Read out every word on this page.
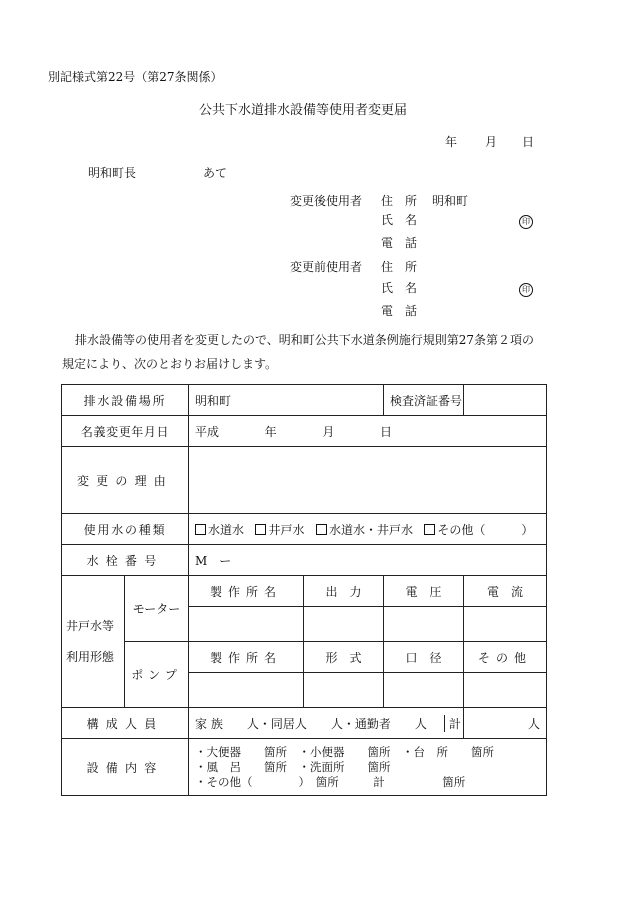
別記様式第22号（第27条関係）
公共下水道排水設備等使用者変更届
年 月 日
明和町長	あて
変更後使用者 住　所 明和町
氏　名	印
電　話
変更前使用者 住　所
氏　名	印
電　話
排水設備等の使用者を変更したので、明和町公共下水道条例施行規則第27条第２項の
規定により、次のとおりお届けします。
排水設備場所		明和町		検査済証番号	
名義変更年月日		平成 年 月 日			
変更の理由					
使用水の種類		水道水 井戸水 水道水・井戸水 その他（　　　）			
水栓番号		M　ー			

井戸水等
利用形態	モーター	製作所名	出　力	電　圧	電　流

	ポンプ	製作所名	形　式	口　径	その他

構成人員		家 族　　人・同居人　　人・通勤者　　人 計			人
設備内容		・大便器　　箇所　・小便器　　箇所　・台　所　　箇所
・風　呂　　箇所　・洗面所　　箇所
・その他（　　　　）　箇所　　　計　　　　　箇所			
